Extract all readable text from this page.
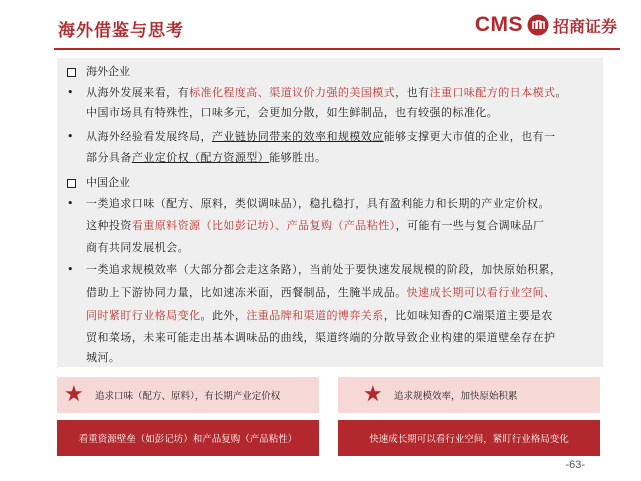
海外借鉴与思考	CMS 招商证券
海外企业
• 从海外发展来看，有标准化程度高、渠道议价力强的美国模式，也有注重口味配方的日本模式。
中国市场具有特殊性，口味多元，会更加分散，如生鲜制品，也有较强的标准化。
• 从海外经验看发展终局，产业链协同带来的效率和规模效应能够支撑更大市值的企业，也有一
部分具备产业定价权（配方资源型）能够胜出。
中国企业
• 一类追求口味（配方、原料，类似调味品），稳扎稳打，具有盈利能力和长期的产业定价权。
这种投资看重原料资源（比如彭记坊）、产品复购（产品粘性），可能有一些与复合调味品厂
商有共同发展机会。
• 一类追求规模效率（大部分都会走这条路），当前处于要快速发展规模的阶段，加快原始积累，
借助上下游协同力量，比如速冻米面，西餐制品，生腌半成品。快速成长期可以看行业空间、
同时紧盯行业格局变化。此外，注重品牌和渠道的博弈关系，比如味知香的C端渠道主要是农
贸和菜场，未来可能走出基本调味品的曲线，渠道终端的分散导致企业构建的渠道壁垒存在护
城河。
★ 追求口味（配方、原料），有长期产业定价权	★ 追求规模效率，加快原始积累
看重资源壁垒（如彭记坊）和产品复购（产品粘性）	快速成长期可以看行业空间，紧盯行业格局变化
-63-
